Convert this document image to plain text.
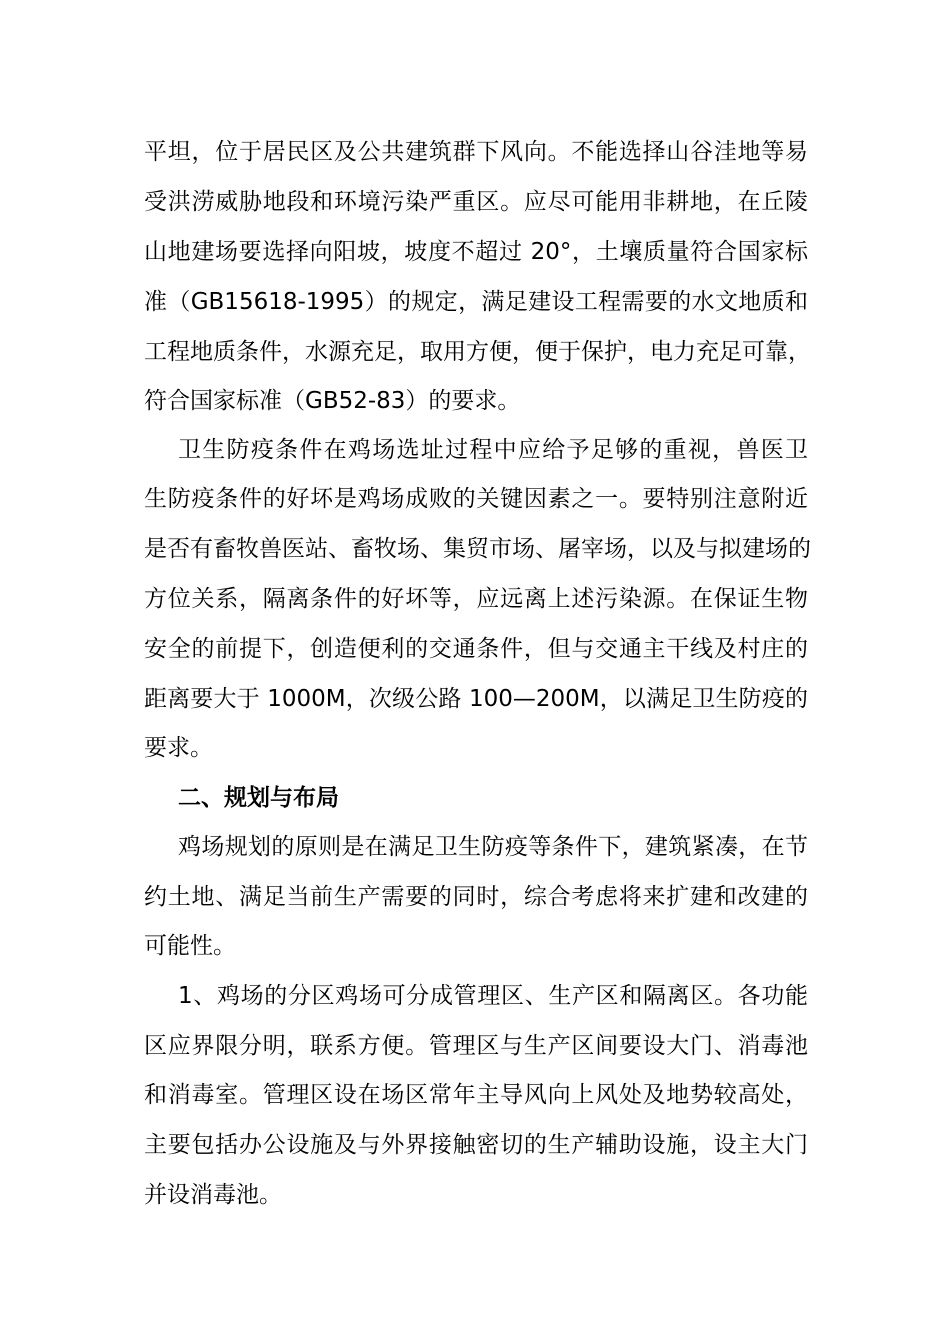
平坦，位于居民区及公共建筑群下风向。不能选择山谷洼地等易
受洪涝威胁地段和环境污染严重区。应尽可能用非耕地，在丘陵
山地建场要选择向阳坡，坡度不超过 20°，土壤质量符合国家标
准（GB15618-1995）的规定，满足建设工程需要的水文地质和
工程地质条件，水源充足，取用方便，便于保护，电力充足可靠，
符合国家标准（GB52-83）的要求。
卫生防疫条件在鸡场选址过程中应给予足够的重视，兽医卫
生防疫条件的好坏是鸡场成败的关键因素之一。要特别注意附近
是否有畜牧兽医站、畜牧场、集贸市场、屠宰场，以及与拟建场的
方位关系，隔离条件的好坏等，应远离上述污染源。在保证生物
安全的前提下，创造便利的交通条件，但与交通主干线及村庄的
距离要大于 1000M，次级公路 100—200M，以满足卫生防疫的
要求。
二、规划与布局
鸡场规划的原则是在满足卫生防疫等条件下，建筑紧凑，在节
约土地、满足当前生产需要的同时，综合考虑将来扩建和改建的
可能性。
1、鸡场的分区鸡场可分成管理区、生产区和隔离区。各功能
区应界限分明，联系方便。管理区与生产区间要设大门、消毒池
和消毒室。管理区设在场区常年主导风向上风处及地势较高处，
主要包括办公设施及与外界接触密切的生产辅助设施，设主大门
并设消毒池。
